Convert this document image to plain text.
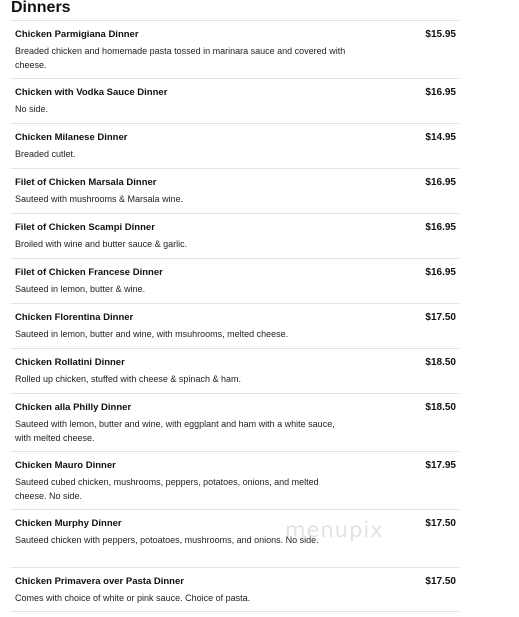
Dinners
Chicken Parmigiana Dinner	$15.95
Breaded chicken and homemade pasta tossed in marinara sauce and covered with cheese.
Chicken with Vodka Sauce Dinner	$16.95
No side.
Chicken Milanese Dinner	$14.95
Breaded cutlet.
Filet of Chicken Marsala Dinner	$16.95
Sauteed with mushrooms & Marsala wine.
Filet of Chicken Scampi Dinner	$16.95
Broiled with wine and butter sauce & garlic.
Filet of Chicken Francese Dinner	$16.95
Sauteed in lemon, butter & wine.
Chicken Florentina Dinner	$17.50
Sauteed in lemon, butter and wine, with msuhrooms, melted cheese.
Chicken Rollatini Dinner	$18.50
Rolled up chicken, stuffed with cheese & spinach & ham.
Chicken alla Philly Dinner	$18.50
Sauteed with lemon, butter and wine, with eggplant and ham with a white sauce, with melted cheese.
Chicken Mauro Dinner	$17.95
Sauteed cubed chicken, mushrooms, peppers, potatoes, onions, and melted cheese. No side.
Chicken Murphy Dinner	$17.50
Sauteed chicken with peppers, potoatoes, mushrooms, and onions. No side.
Chicken Primavera over Pasta Dinner	$17.50
Comes with choice of white or pink sauce. Choice of pasta.
menupix
